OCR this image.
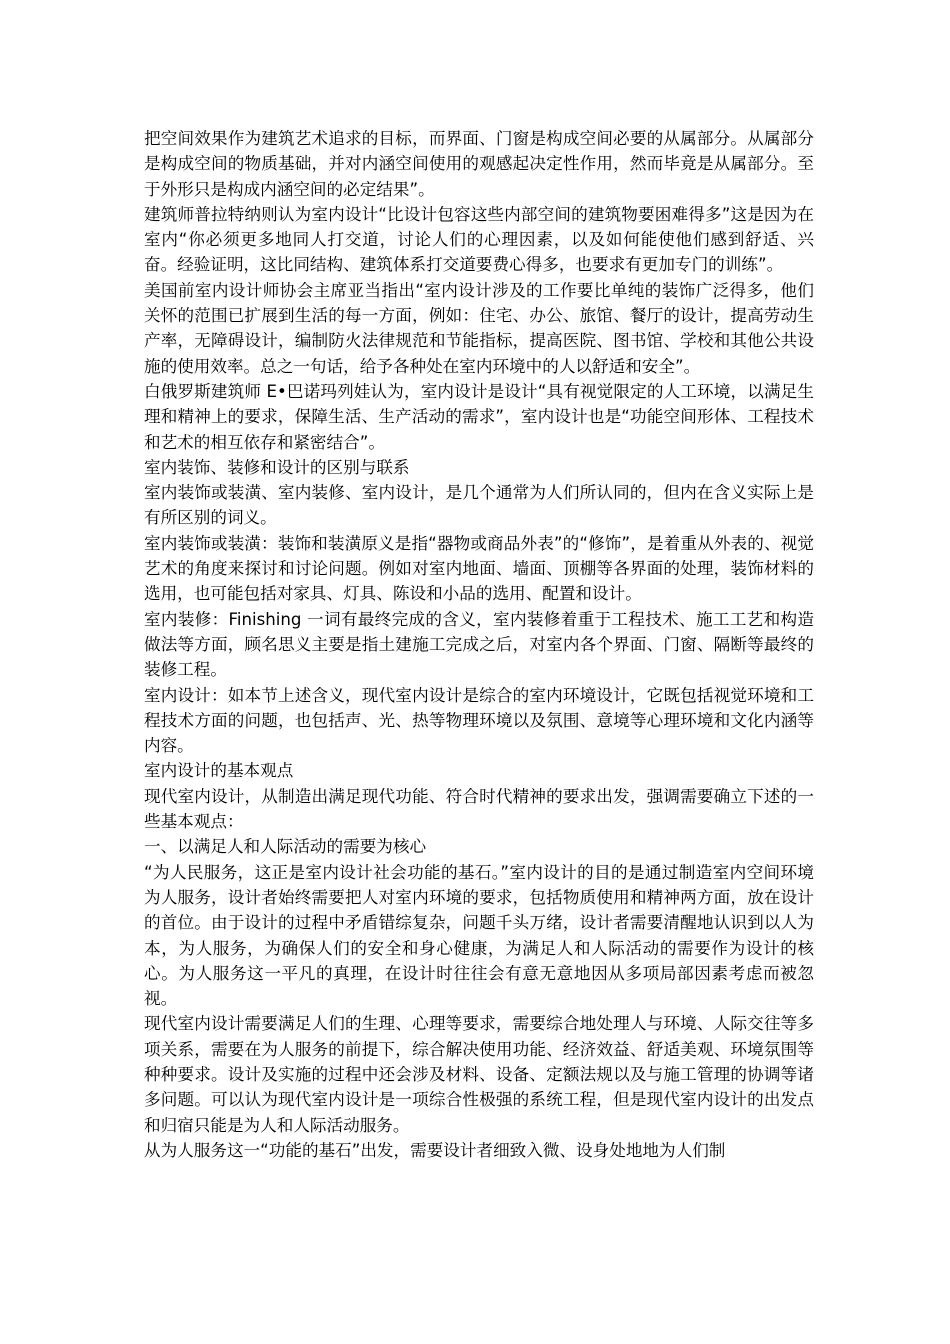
把空间效果作为建筑艺术追求的目标，而界面、门窗是构成空间必要的从属部分。从属部分是构成空间的物质基础，并对内涵空间使用的观感起决定性作用，然而毕竟是从属部分。至于外形只是构成内涵空间的必定结果”。

建筑师普拉特纳则认为室内设计“比设计包容这些内部空间的建筑物要困难得多”这是因为在室内“你必须更多地同人打交道，讨论人们的心理因素，以及如何能使他们感到舒适、兴奋。经验证明，这比同结构、建筑体系打交道要费心得多，也要求有更加专门的训练”。

美国前室内设计师协会主席亚当指出“室内设计涉及的工作要比单纯的装饰广泛得多，他们关怀的范围已扩展到生活的每一方面，例如：住宅、办公、旅馆、餐厅的设计，提高劳动生产率，无障碍设计，编制防火法律规范和节能指标，提高医院、图书馆、学校和其他公共设施的使用效率。总之一句话，给予各种处在室内环境中的人以舒适和安全”。

白俄罗斯建筑师 E•巴诺玛列娃认为，室内设计是设计“具有视觉限定的人工环境，以满足生理和精神上的要求，保障生活、生产活动的需求”，室内设计也是“功能空间形体、工程技术和艺术的相互依存和紧密结合”。

室内装饰、装修和设计的区别与联系

室内装饰或装潢、室内装修、室内设计，是几个通常为人们所认同的，但内在含义实际上是有所区别的词义。

室内装饰或装潢：装饰和装潢原义是指“器物或商品外表”的“修饰”，是着重从外表的、视觉艺术的角度来探讨和讨论问题。例如对室内地面、墙面、顶棚等各界面的处理，装饰材料的选用，也可能包括对家具、灯具、陈设和小品的选用、配置和设计。

室内装修：Finishing 一词有最终完成的含义，室内装修着重于工程技术、施工工艺和构造做法等方面，顾名思义主要是指土建施工完成之后，对室内各个界面、门窗、隔断等最终的装修工程。

室内设计：如本节上述含义，现代室内设计是综合的室内环境设计，它既包括视觉环境和工程技术方面的问题，也包括声、光、热等物理环境以及氛围、意境等心理环境和文化内涵等内容。

室内设计的基本观点

现代室内设计，从制造出满足现代功能、符合时代精神的要求出发，强调需要确立下述的一些基本观点：

一、以满足人和人际活动的需要为核心

“为人民服务，这正是室内设计社会功能的基石。”室内设计的目的是通过制造室内空间环境为人服务，设计者始终需要把人对室内环境的要求，包括物质使用和精神两方面，放在设计的首位。由于设计的过程中矛盾错综复杂，问题千头万绪，设计者需要清醒地认识到以人为本，为人服务，为确保人们的安全和身心健康，为满足人和人际活动的需要作为设计的核心。为人服务这一平凡的真理，在设计时往往会有意无意地因从多项局部因素考虑而被忽视。

现代室内设计需要满足人们的生理、心理等要求，需要综合地处理人与环境、人际交往等多项关系，需要在为人服务的前提下，综合解决使用功能、经济效益、舒适美观、环境氛围等种种要求。设计及实施的过程中还会涉及材料、设备、定额法规以及与施工管理的协调等诸多问题。可以认为现代室内设计是一项综合性极强的系统工程，但是现代室内设计的出发点和归宿只能是为人和人际活动服务。

从为人服务这一“功能的基石”出发，需要设计者细致入微、设身处地地为人们制
